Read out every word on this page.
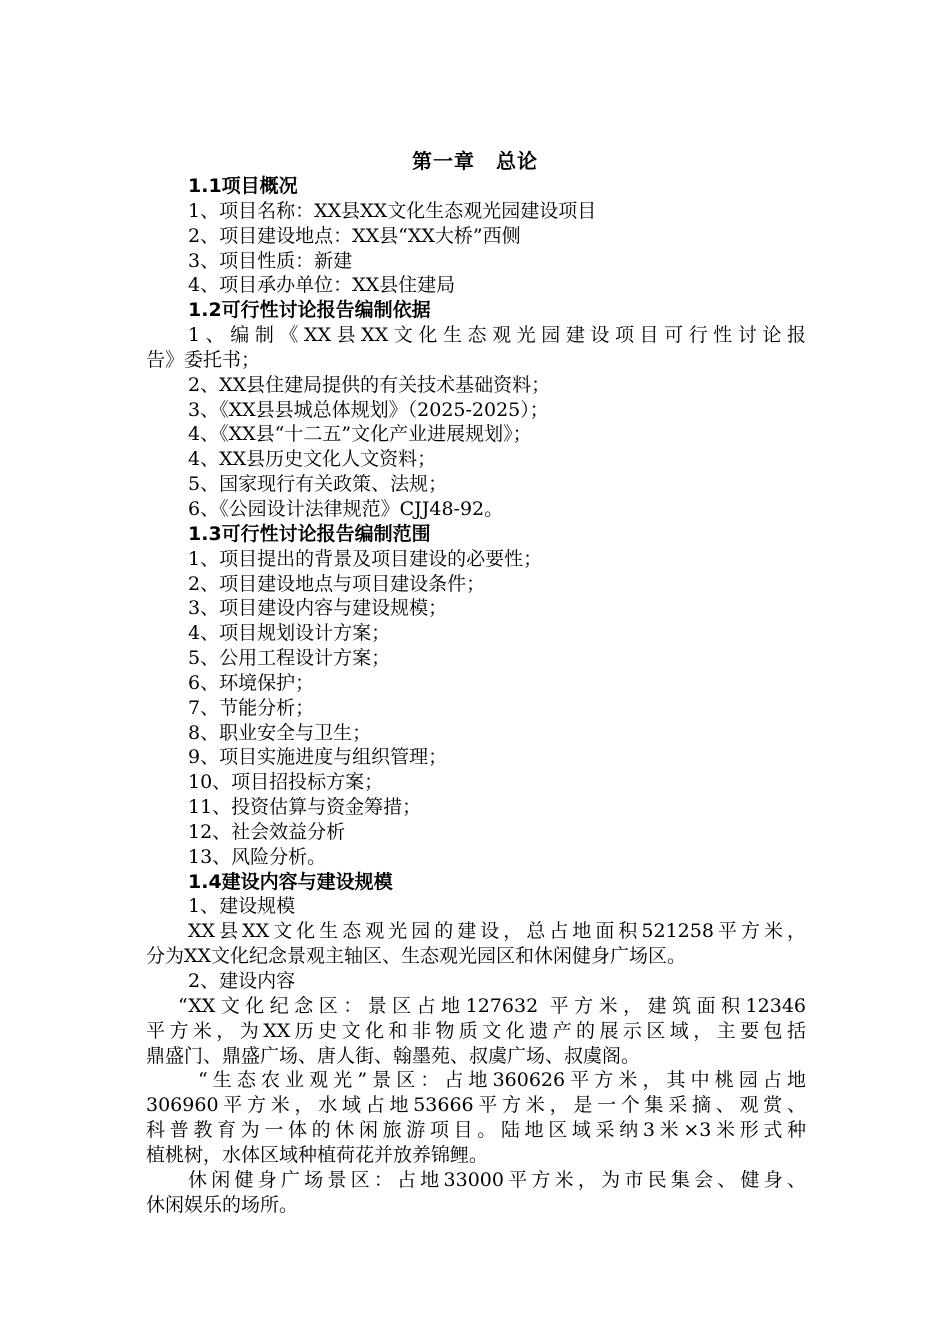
第一章　总论
1.1项目概况
1、项目名称：XX县XX文化生态观光园建设项目
2、项目建设地点：XX县“XX大桥”西侧
3、项目性质：新建
4、项目承办单位：XX县住建局
1.2可行性讨论报告编制依据
1、编制《XX县XX文化生态观光园建设项目可行性讨论报
告》委托书；
2、XX县住建局提供的有关技术基础资料；
3、《XX县县城总体规划》（2025-2025）；
4、《XX县“十二五”文化产业进展规划》；
4、XX县历史文化人文资料；
5、国家现行有关政策、法规；
6、《公园设计法律规范》CJJ48-92。
1.3可行性讨论报告编制范围
1、项目提出的背景及项目建设的必要性；
2、项目建设地点与项目建设条件；
3、项目建设内容与建设规模；
4、项目规划设计方案；
5、公用工程设计方案；
6、环境保护；
7、节能分析；
8、职业安全与卫生；
9、项目实施进度与组织管理；
10、项目招投标方案；
11、投资估算与资金筹措；
12、社会效益分析
13、风险分析。
1.4建设内容与建设规模
1、建设规模
XX县XX文化生态观光园的建设，总占地面积521258平方米，
分为XX文化纪念景观主轴区、生态观光园区和休闲健身广场区。
2、建设内容
“XX文化纪念区：景区占地127632 平方米，建筑面积12346
平方米，为XX历史文化和非物质文化遗产的展示区域，主要包括
鼎盛门、鼎盛广场、唐人街、翰墨苑、叔虞广场、叔虞阁。
“生态农业观光”景区：占地360626平方米，其中桃园占地
306960平方米，水域占地53666平方米，是一个集采摘、观赏、
科普教育为一体的休闲旅游项目。陆地区域采纳3米×3米形式种
植桃树，水体区域种植荷花并放养锦鲤。
休闲健身广场景区：占地33000平方米，为市民集会、健身、
休闲娱乐的场所。
